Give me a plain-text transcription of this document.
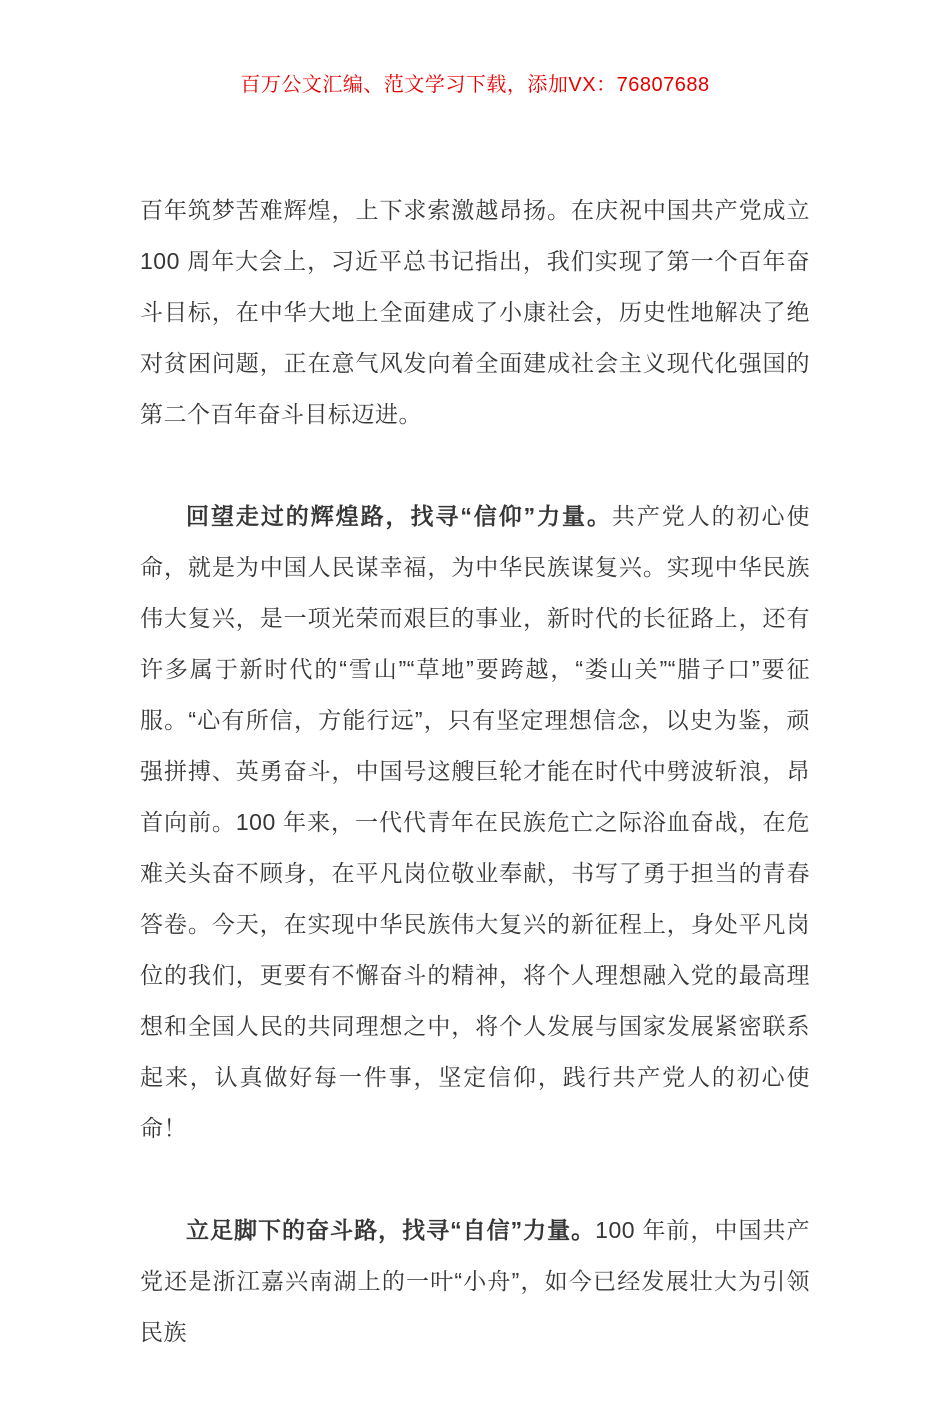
百万公文汇编、范文学习下载，添加VX：76807688

百年筑梦苦难辉煌，上下求索激越昂扬。在庆祝中国共产党成立 100 周年大会上，习近平总书记指出，我们实现了第一个百年奋斗目标，在中华大地上全面建成了小康社会，历史性地解决了绝对贫困问题，正在意气风发向着全面建成社会主义现代化强国的第二个百年奋斗目标迈进。

回望走过的辉煌路，找寻“信仰”力量。共产党人的初心使命，就是为中国人民谋幸福，为中华民族谋复兴。实现中华民族伟大复兴，是一项光荣而艰巨的事业，新时代的长征路上，还有许多属于新时代的“雪山”“草地”要跨越，“娄山关”“腊子口”要征服。“心有所信，方能行远”，只有坚定理想信念，以史为鉴，顽强拼搏、英勇奋斗，中国号这艘巨轮才能在时代中劈波斩浪，昂首向前。100 年来，一代代青年在民族危亡之际浴血奋战，在危难关头奋不顾身，在平凡岗位敬业奉献，书写了勇于担当的青春答卷。今天，在实现中华民族伟大复兴的新征程上，身处平凡岗位的我们，更要有不懈奋斗的精神，将个人理想融入党的最高理想和全国人民的共同理想之中，将个人发展与国家发展紧密联系起来，认真做好每一件事，坚定信仰，践行共产党人的初心使命！

立足脚下的奋斗路，找寻“自信”力量。100 年前，中国共产党还是浙江嘉兴南湖上的一叶“小舟”，如今已经发展壮大为引领民族
